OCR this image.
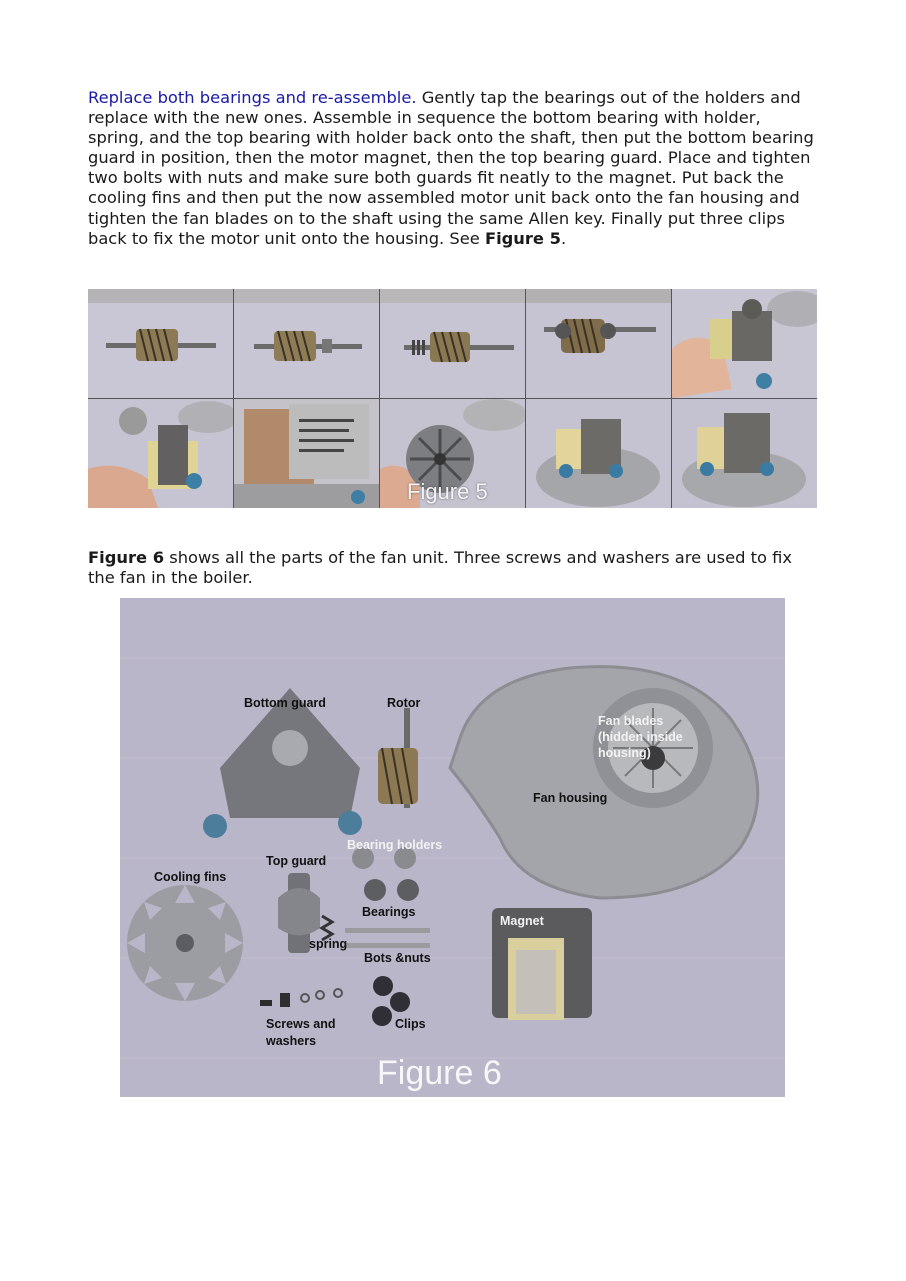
Replace both bearings and re-assemble. Gently tap the bearings out of the holders and replace with the new ones. Assemble in sequence the bottom bearing with holder, spring, and the top bearing with holder back onto the shaft, then put the bottom bearing guard in position, then the motor magnet, then the top bearing guard. Place and tighten two bolts with nuts and make sure both guards fit neatly to the magnet. Put back the cooling fins and then put the now assembled motor unit back onto the fan housing and tighten the fan blades on to the shaft using the same Allen key. Finally put three clips back to fix the motor unit onto the housing. See Figure 5.

Figure 5

Figure 6 shows all the parts of the fan unit. Three screws and washers are used to fix the fan in the boiler.

Bottom guard	Rotor
Fan blades
(hidden inside
housing)
Fan housing
Bearing holders
Top guard
Cooling fins
Bearings
Magnet
spring
Bots &nuts
Screws and
washers
Clips
Figure 6
